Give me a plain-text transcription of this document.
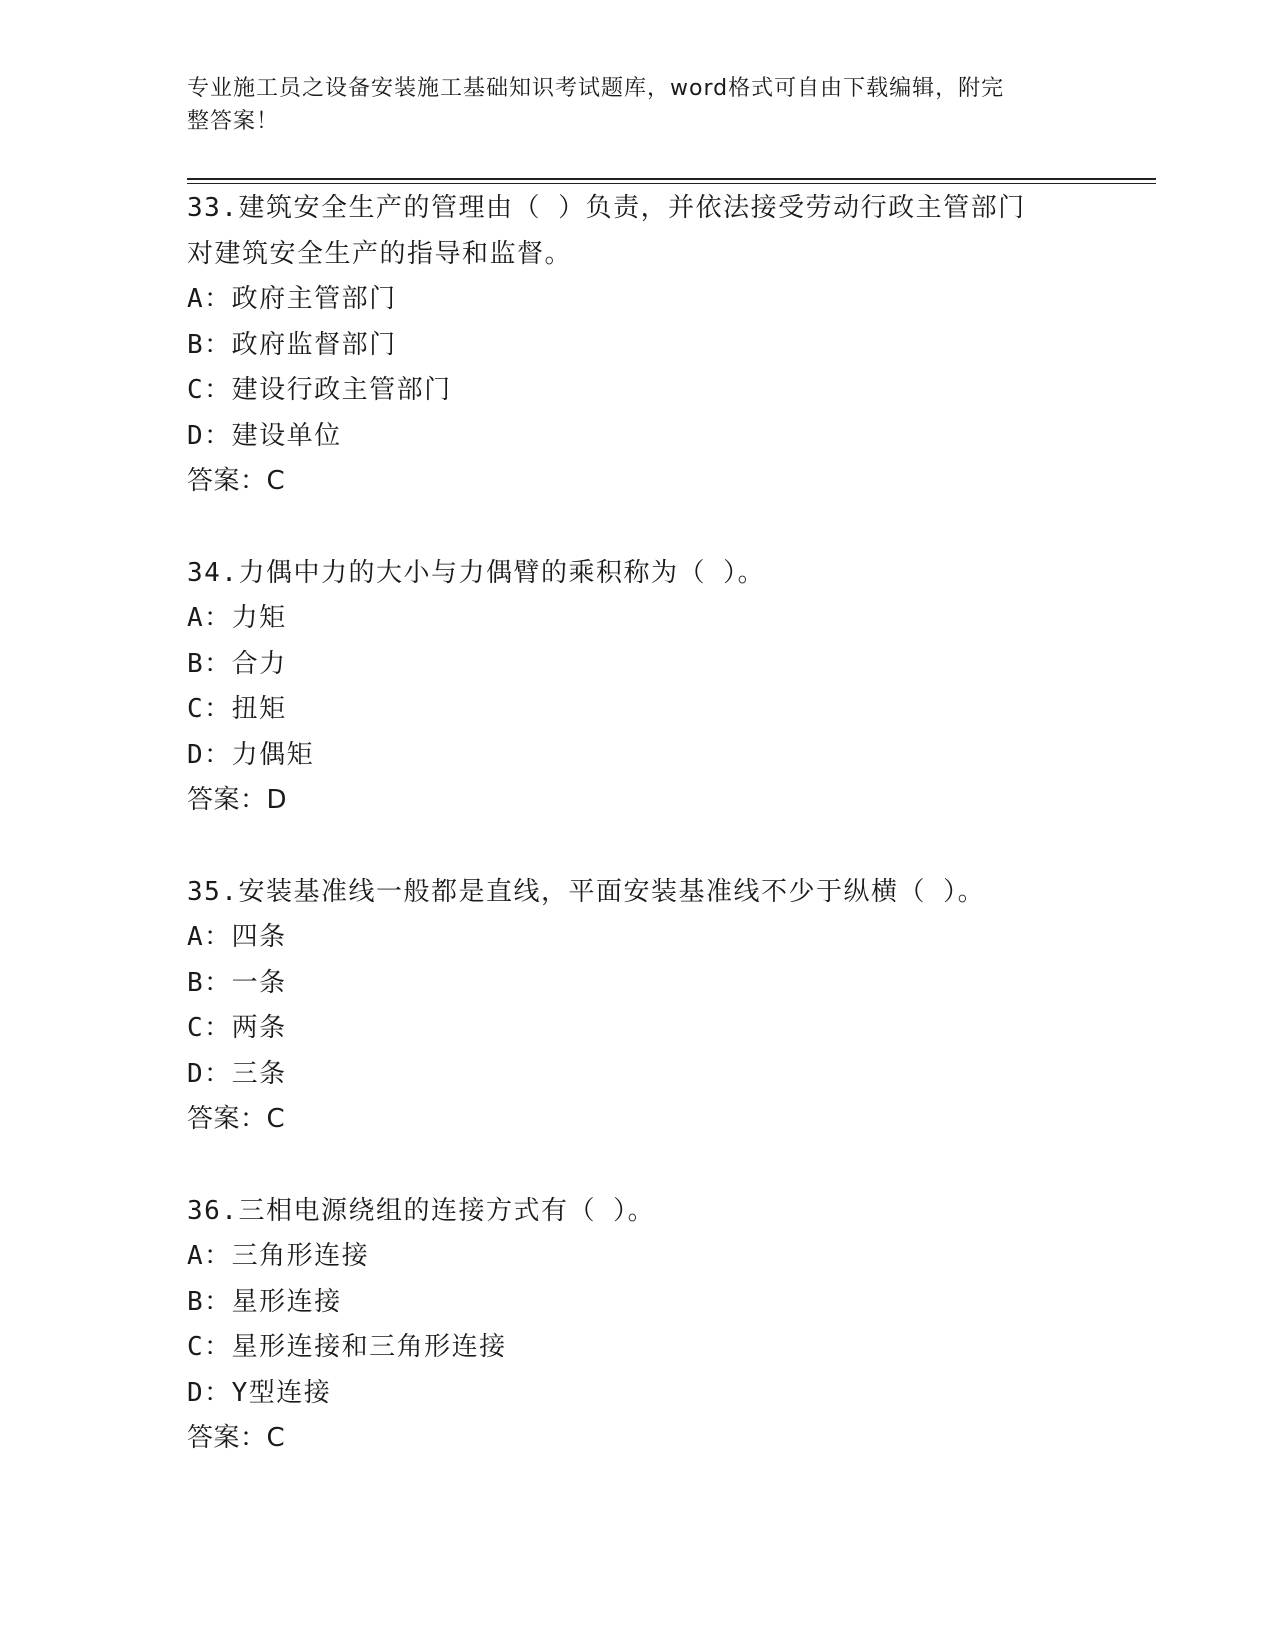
专业施工员之设备安装施工基础知识考试题库，word格式可自由下载编辑，附完
整答案！
33.建筑安全生产的管理由（ ）负责，并依法接受劳动行政主管部门
对建筑安全生产的指导和监督。
A：政府主管部门
B：政府监督部门
C：建设行政主管部门
D：建设单位
答案：C
34.力偶中力的大小与力偶臂的乘积称为（ ）。
A：力矩
B：合力
C：扭矩
D：力偶矩
答案：D
35.安装基准线一般都是直线，平面安装基准线不少于纵横（ ）。
A：四条
B：一条
C：两条
D：三条
答案：C
36.三相电源绕组的连接方式有（ ）。
A：三角形连接
B：星形连接
C：星形连接和三角形连接
D：Y型连接
答案：C
